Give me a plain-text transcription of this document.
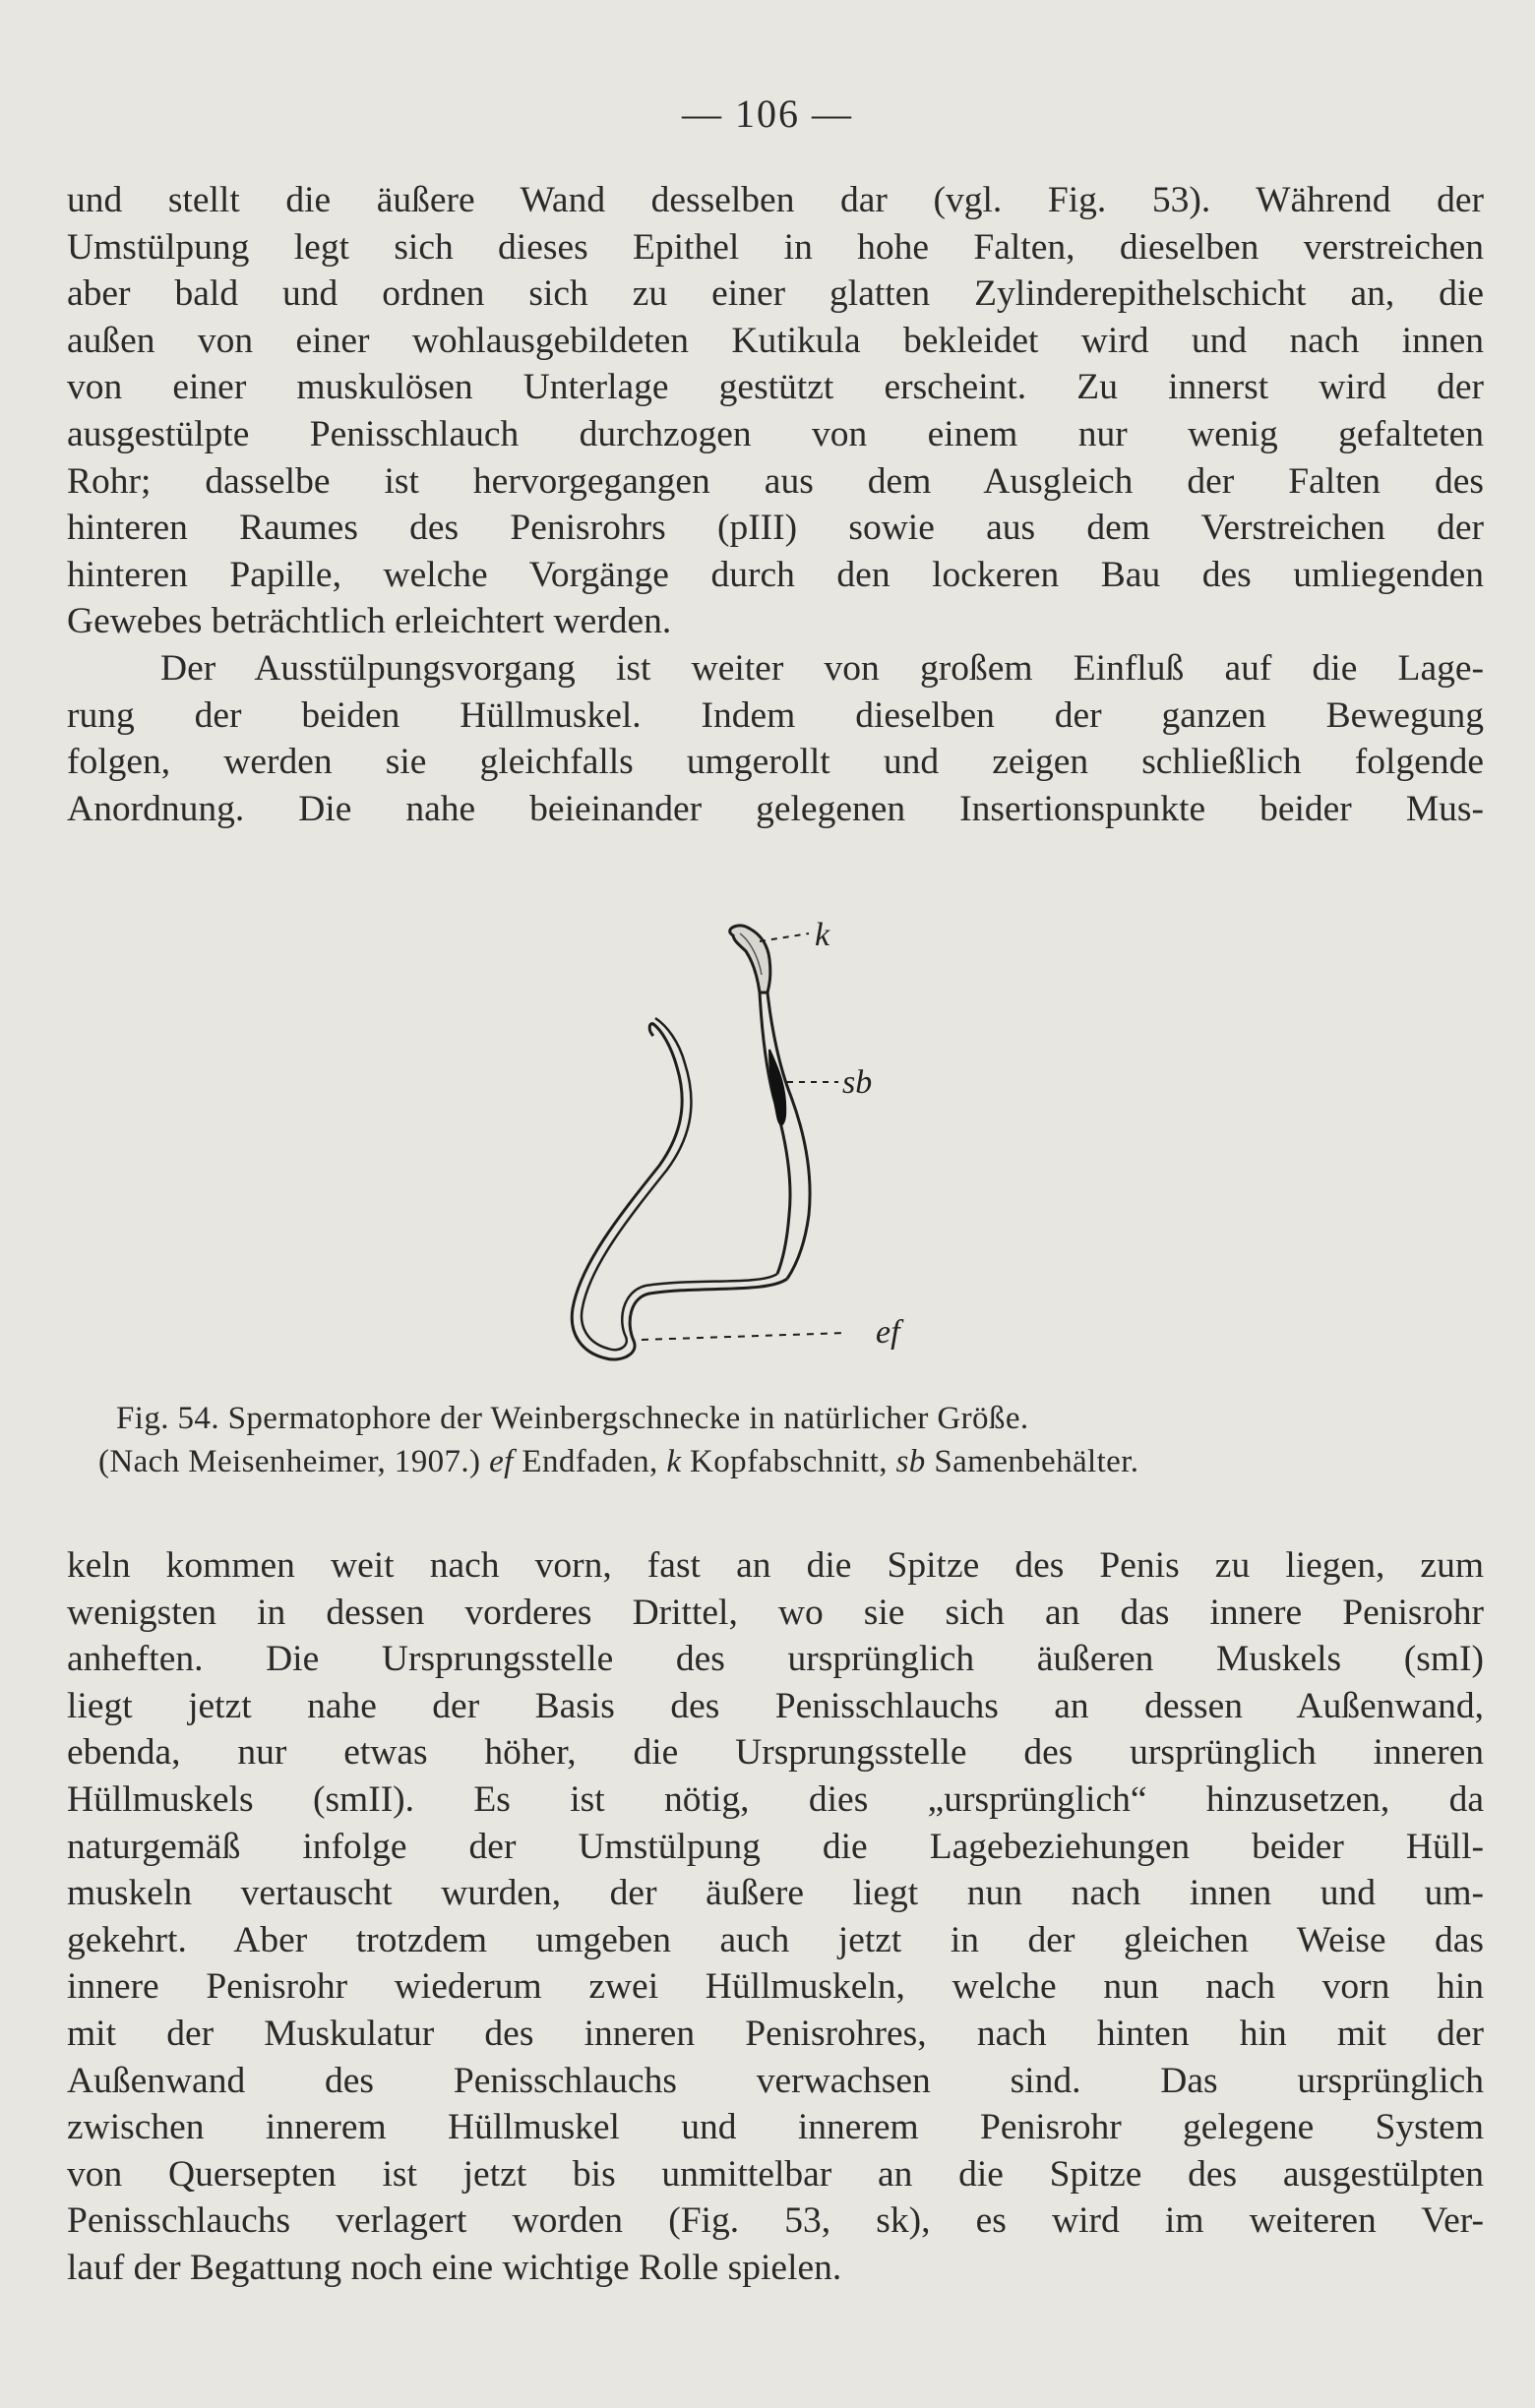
— 106 —
und stellt die äußere Wand desselben dar (vgl. Fig. 53). Während der
Umstülpung legt sich dieses Epithel in hohe Falten, dieselben verstreichen
aber bald und ordnen sich zu einer glatten Zylinderepithelschicht an, die
außen von einer wohlausgebildeten Kutikula bekleidet wird und nach innen
von einer muskulösen Unterlage gestützt erscheint. Zu innerst wird der
ausgestülpte Penisschlauch durchzogen von einem nur wenig gefalteten
Rohr; dasselbe ist hervorgegangen aus dem Ausgleich der Falten des
hinteren Raumes des Penisrohrs (pIII) sowie aus dem Verstreichen der
hinteren Papille, welche Vorgänge durch den lockeren Bau des umliegenden
Gewebes beträchtlich erleichtert werden.
Der Ausstülpungsvorgang ist weiter von großem Einfluß auf die Lage-
rung der beiden Hüllmuskel. Indem dieselben der ganzen Bewegung
folgen, werden sie gleichfalls umgerollt und zeigen schließlich folgende
Anordnung. Die nahe beieinander gelegenen Insertionspunkte beider Mus-
k
sb
ef
Fig. 54. Spermatophore der Weinbergschnecke in natürlicher Größe.
(Nach Meisenheimer, 1907.) ef Endfaden, k Kopfabschnitt, sb Samenbehälter.
keln kommen weit nach vorn, fast an die Spitze des Penis zu liegen, zum
wenigsten in dessen vorderes Drittel, wo sie sich an das innere Penisrohr
anheften. Die Ursprungsstelle des ursprünglich äußeren Muskels (smI)
liegt jetzt nahe der Basis des Penisschlauchs an dessen Außenwand,
ebenda, nur etwas höher, die Ursprungsstelle des ursprünglich inneren
Hüllmuskels (smII). Es ist nötig, dies „ursprünglich“ hinzusetzen, da
naturgemäß infolge der Umstülpung die Lagebeziehungen beider Hüll-
muskeln vertauscht wurden, der äußere liegt nun nach innen und um-
gekehrt. Aber trotzdem umgeben auch jetzt in der gleichen Weise das
innere Penisrohr wiederum zwei Hüllmuskeln, welche nun nach vorn hin
mit der Muskulatur des inneren Penisrohres, nach hinten hin mit der
Außenwand des Penisschlauchs verwachsen sind. Das ursprünglich
zwischen innerem Hüllmuskel und innerem Penisrohr gelegene System
von Quersepten ist jetzt bis unmittelbar an die Spitze des ausgestülpten
Penisschlauchs verlagert worden (Fig. 53, sk), es wird im weiteren Ver-
lauf der Begattung noch eine wichtige Rolle spielen.
